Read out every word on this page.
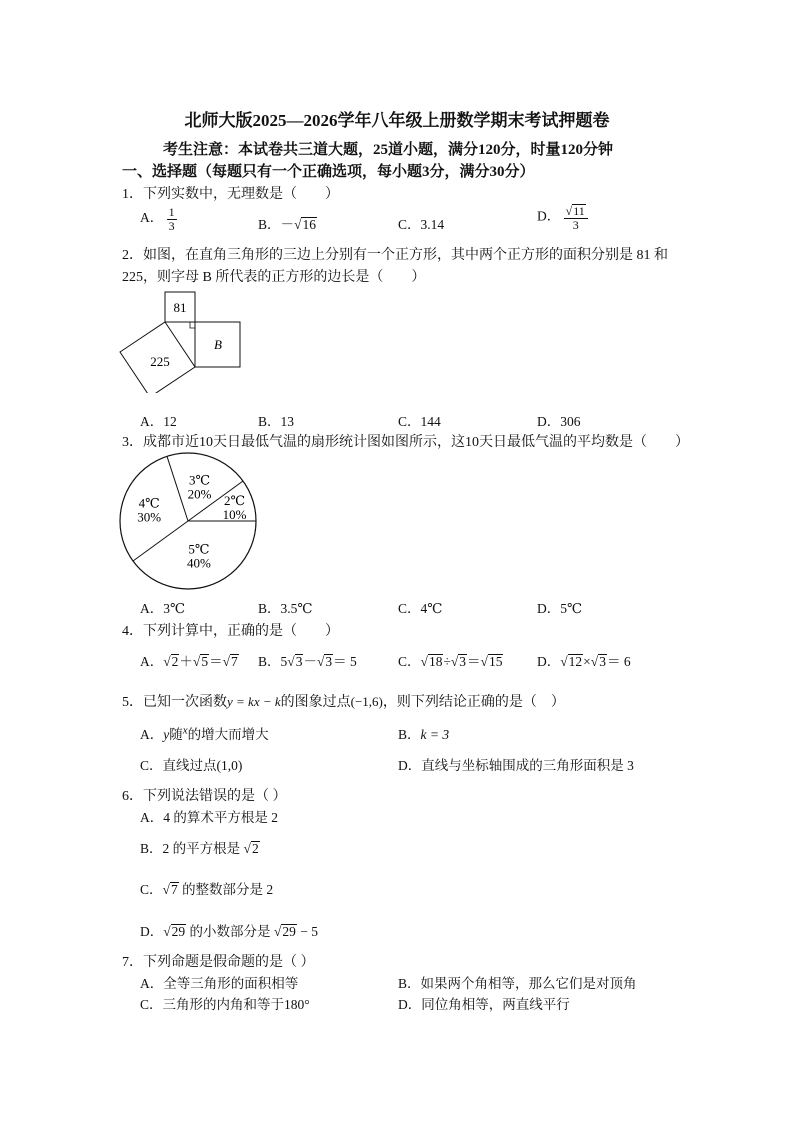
北师大版2025—2026学年八年级上册数学期末考试押题卷
考生注意：本试卷共三道大题，25道小题，满分120分，时量120分钟
一、选择题（每题只有一个正确选项，每小题3分，满分30分）
1．下列实数中，无理数是（　　）
A． $\frac{1}{3}$	B．－√16	C．3.14
D． $\frac{√11}{3}$
2．如图，在直角三角形的三边上分别有一个正方形，其中两个正方形的面积分别是 81 和
225，则字母 B 所代表的正方形的边长是（　　）
81
B
225
A．12	B．13	C．144	D．306
3．成都市近10天日最低气温的扇形统计图如图所示，这10天日最低气温的平均数是（　　）
2℃
10%
3℃
20%
4℃
30%
5℃
40%
A．3℃	B．3.5℃	C．4℃	D．5℃
4．下列计算中，正确的是（　　）
A．√2＋√5＝√7 B．5√3－√3＝ 5	C．√18÷√3＝√15	D．√12×√3＝ 6
5．已知一次函数y = kx − k的图象过点(−1,6)，则下列结论正确的是（　）
A．y随$^x$的增大而增大	B．k = 3
C．直线过点(1,0)	D．直线与坐标轴围成的三角形面积是 3
6．下列说法错误的是（ ）
A．4 的算术平方根是 2
B．2 的平方根是 √2
C．√7 的整数部分是 2
D．√29 的小数部分是 √29 − 5
7．下列命题是假命题的是（ ）
A．全等三角形的面积相等	B．如果两个角相等，那么它们是对顶角
C．三角形的内角和等于180°	D．同位角相等，两直线平行
